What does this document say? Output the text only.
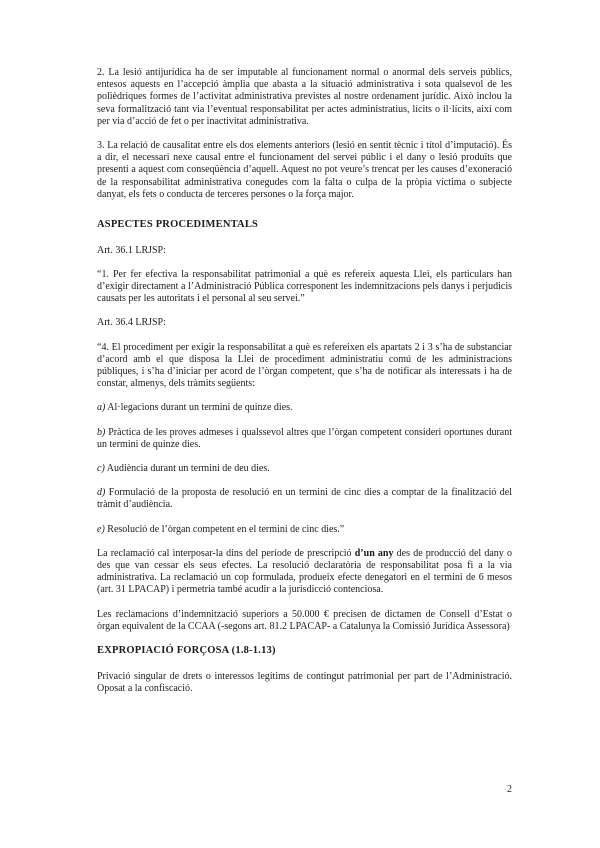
2. La lesió antijurídica ha de ser imputable al funcionament normal o anormal dels serveis públics, entesos aquests en l’accepció àmplia que abasta a la situació administrativa i sota qualsevol de les polièdriques formes de l’activitat administrativa previstes al nostre ordenament jurídic. Això inclou la seva formalització tant via l’eventual responsabilitat per actes administratius, lícits o il·lícits, així com per via d’acció de fet o per inactivitat administrativa.

3. La relació de causalitat entre els dos elements anteriors (lesió en sentit tècnic i títol d’imputació). És a dir, el necessari nexe causal entre el funcionament del servei públic i el dany o lesió produïts que presenti a aquest com conseqüència d’aquell. Aquest no pot veure’s trencat per les causes d’exoneració de la responsabilitat administrativa conegudes com la falta o culpa de la pròpia víctima o subjecte danyat, els fets o conducta de terceres persones o la força major.

ASPECTES PROCEDIMENTALS

Art. 36.1 LRJSP:

“1. Per fer efectiva la responsabilitat patrimonial a què es refereix aquesta Llei, els particulars han d’exigir directament a l’Administració Pública corresponent les indemnitzacions pels danys i perjudicis causats per les autoritats i el personal al seu servei.”

Art. 36.4 LRJSP:

“4. El procediment per exigir la responsabilitat a què es refereixen els apartats 2 i 3 s’ha de substanciar d’acord amb el que disposa la Llei de procediment administratiu comú de les administracions públiques, i s’ha d’iniciar per acord de l’òrgan competent, que s’ha de notificar als interessats i ha de constar, almenys, dels tràmits següents:

a) Al·legacions durant un termini de quinze dies.

b) Pràctica de les proves admeses i qualssevol altres que l’òrgan competent consideri oportunes durant un termini de quinze dies.

c) Audiència durant un termini de deu dies.

d) Formulació de la proposta de resolució en un termini de cinc dies a comptar de la finalització del tràmit d’audiència.

e) Resolució de l’òrgan competent en el termini de cinc dies.”

La reclamació cal interposar-la dins del període de prescripció d’un any des de producció del dany o des que van cessar els seus efectes. La resolució declaratòria de responsabilitat posa fi a la via administrativa. La reclamació un cop formulada, produeix efecte denegatori en el termini de 6 mesos (art. 31 LPACAP) i permetria també acudir a la jurisdicció contenciosa.

Les reclamacions d’indemnització superiors a 50.000 € precisen de dictamen de Consell d’Estat o òrgan equivalent de la CCAA (-segons art. 81.2 LPACAP- a Catalunya la Comissió Jurídica Assessora)

EXPROPIACIÓ FORÇOSA (1.8-1.13)

Privació singular de drets o interessos legítims de contingut patrimonial per part de l’Administració. Oposat a la confiscació.

2
